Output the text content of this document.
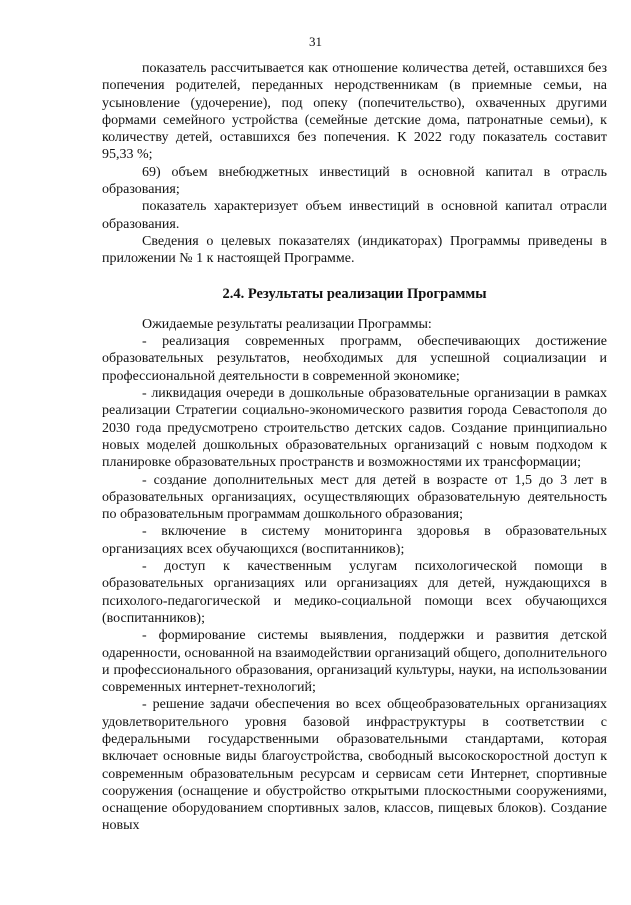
31

показатель рассчитывается как отношение количества детей, оставшихся без попечения родителей, переданных неродственникам (в приемные семьи, на усыновление (удочерение), под опеку (попечительство), охваченных другими формами семейного устройства (семейные детские дома, патронатные семьи), к количеству детей, оставшихся без попечения. К 2022 году показатель составит 95,33 %;

69) объем внебюджетных инвестиций в основной капитал в отрасль образования;

показатель характеризует объем инвестиций в основной капитал отрасли образования.

Сведения о целевых показателях (индикаторах) Программы приведены в приложении № 1 к настоящей Программе.

2.4. Результаты реализации Программы

Ожидаемые результаты реализации Программы:

- реализация современных программ, обеспечивающих достижение образовательных результатов, необходимых для успешной социализации и профессиональной деятельности в современной экономике;

- ликвидация очереди в дошкольные образовательные организации в рамках реализации Стратегии социально-экономического развития города Севастополя до 2030 года предусмотрено строительство детских садов. Создание принципиально новых моделей дошкольных образовательных организаций с новым подходом к планировке образовательных пространств и возможностями их трансформации;

- создание дополнительных мест для детей в возрасте от 1,5 до 3 лет в образовательных организациях, осуществляющих образовательную деятельность по образовательным программам дошкольного образования;

- включение в систему мониторинга здоровья в образовательных организациях всех обучающихся (воспитанников);

- доступ к качественным услугам психологической помощи в образовательных организациях или организациях для детей, нуждающихся в психолого-педагогической и медико-социальной помощи всех обучающихся (воспитанников);

- формирование системы выявления, поддержки и развития детской одаренности, основанной на взаимодействии организаций общего, дополнительного и профессионального образования, организаций культуры, науки, на использовании современных интернет-технологий;

- решение задачи обеспечения во всех общеобразовательных организациях удовлетворительного уровня базовой инфраструктуры в соответствии с федеральными государственными образовательными стандартами, которая включает основные виды благоустройства, свободный высокоскоростной доступ к современным образовательным ресурсам и сервисам сети Интернет, спортивные сооружения (оснащение и обустройство открытыми плоскостными сооружениями, оснащение оборудованием спортивных залов, классов, пищевых блоков). Создание новых
